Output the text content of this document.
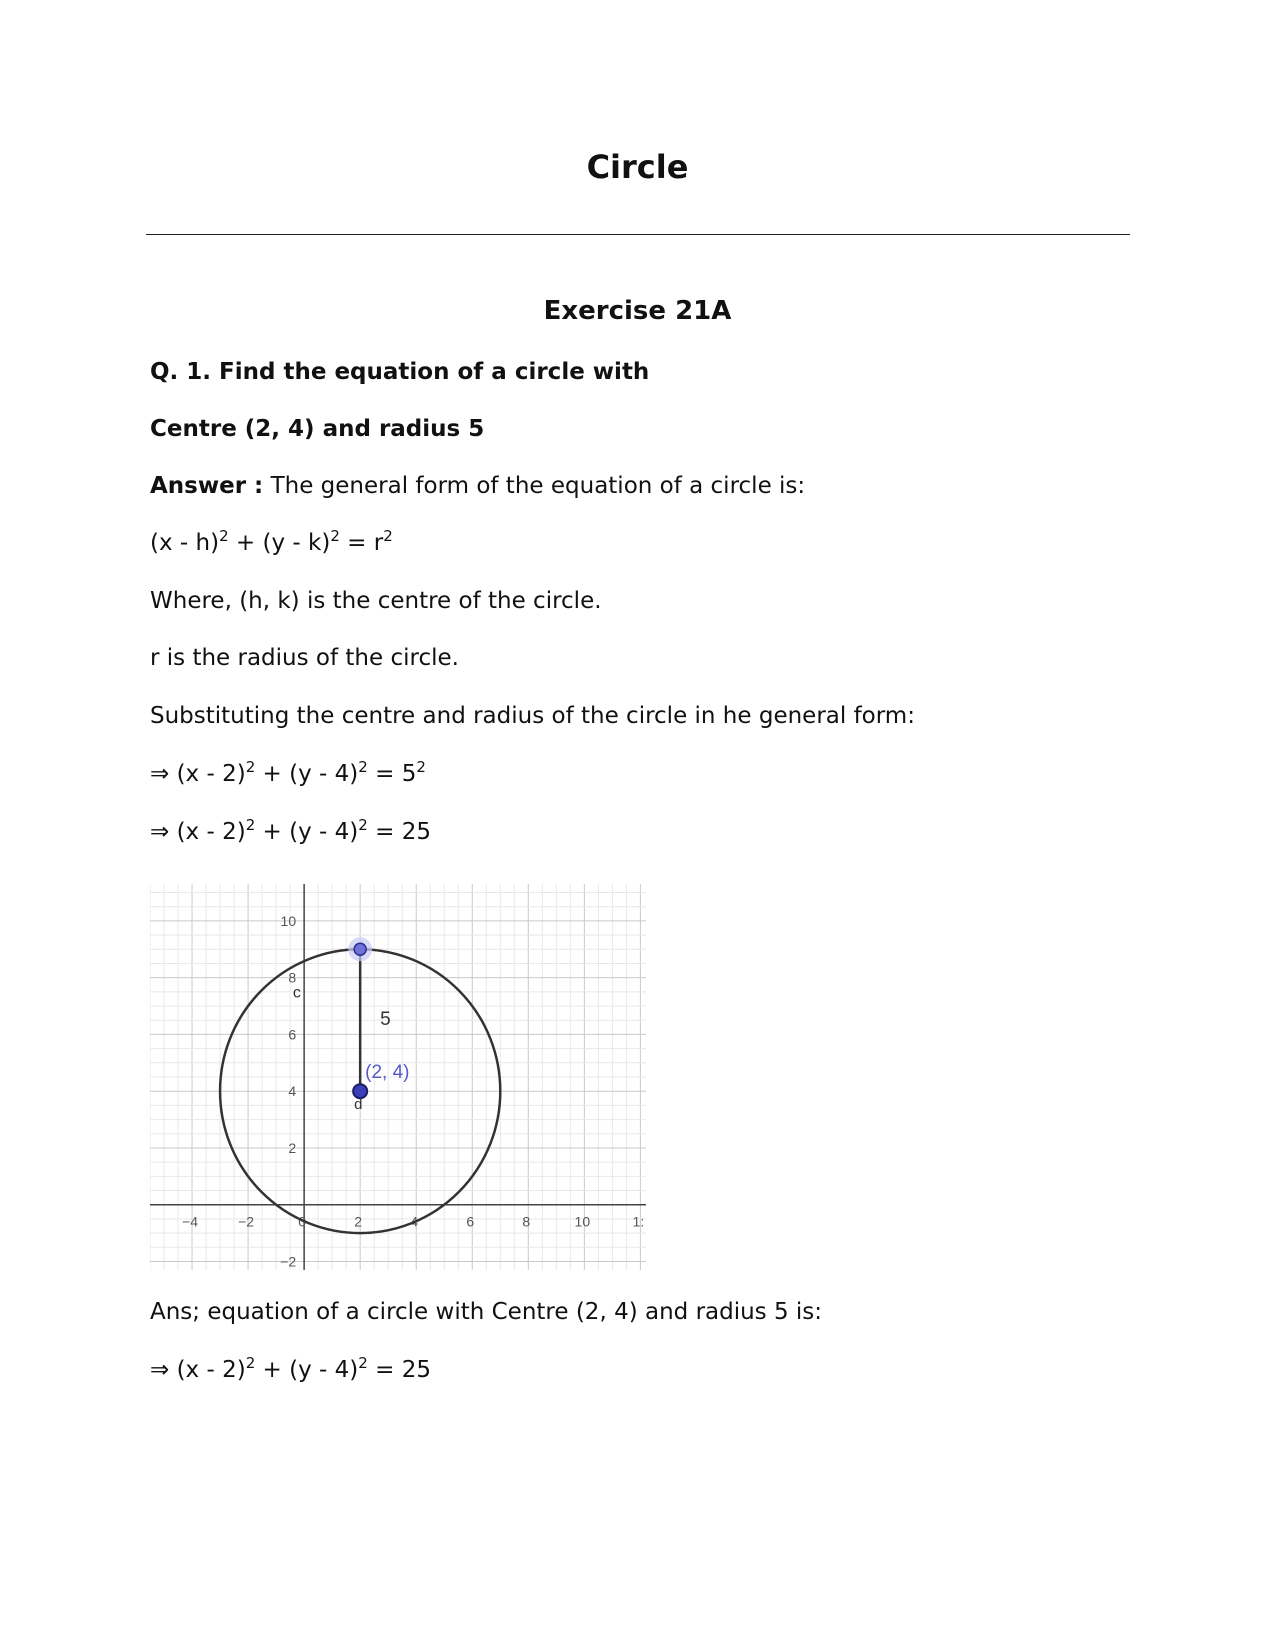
Circle
Exercise 21A

Q. 1. Find the equation of a circle with

Centre (2, 4) and radius 5

Answer : The general form of the equation of a circle is:

$(x - h)^2 + (y - k)^2 = r^2$

Where, (h, k) is the centre of the circle.

r is the radius of the circle.

Substituting the centre and radius of the circle in he general form:

⇒ $(x - 2)^2 + (y - 4)^2 = 5^2$

⇒ (x - 2)$^2$ + (y - 4)$^2$ = 25

−4	−2	0	2	4	6	8	10	1:
−2
2
4
6
8
10
c
5
(2, 4)
d

Ans; equation of a circle with Centre (2, 4) and radius 5 is:

⇒ (x - 2)$^2$ + (y - 4)$^2$ = 25
